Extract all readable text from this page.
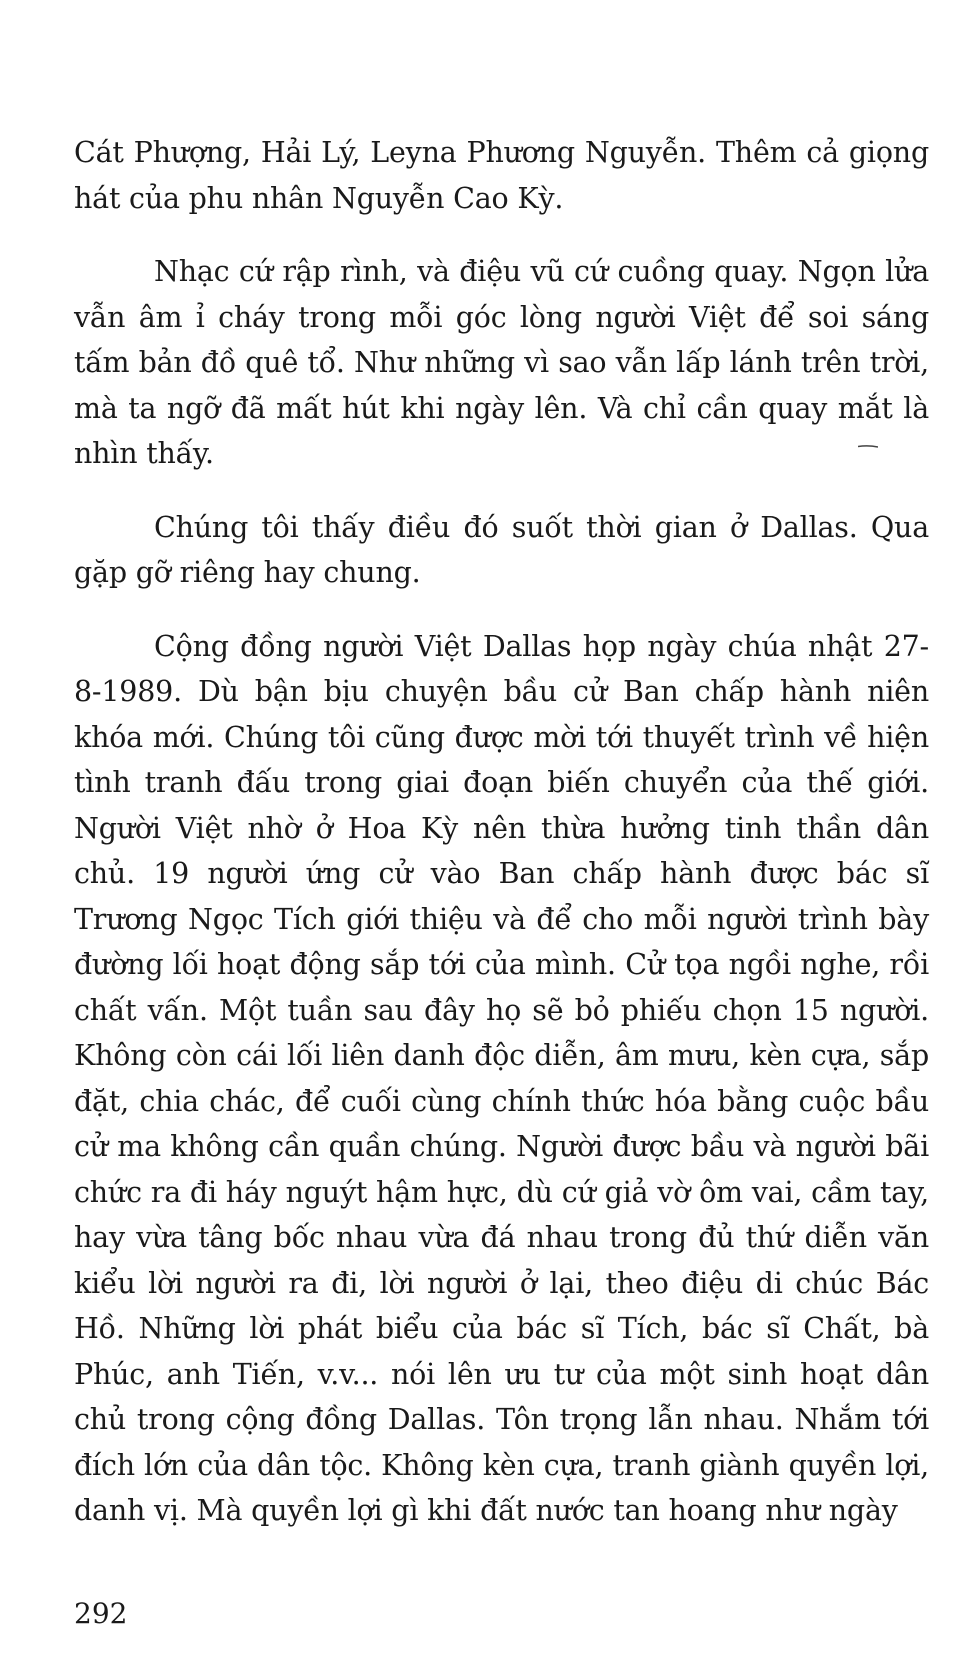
Cát Phượng, Hải Lý, Leyna Phương Nguyễn. Thêm cả giọng hát của phu nhân Nguyễn Cao Kỳ.

Nhạc cứ rập rình, và điệu vũ cứ cuồng quay. Ngọn lửa vẫn âm ỉ cháy trong mỗi góc lòng người Việt để soi sáng tấm bản đồ quê tổ. Như những vì sao vẫn lấp lánh trên trời, mà ta ngỡ đã mất hút khi ngày lên. Và chỉ cần quay mắt là nhìn thấy.

Chúng tôi thấy điều đó suốt thời gian ở Dallas. Qua gặp gỡ riêng hay chung.

Cộng đồng người Việt Dallas họp ngày chúa nhật 27-8-1989. Dù bận bịu chuyện bầu cử Ban chấp hành niên khóa mới. Chúng tôi cũng được mời tới thuyết trình về hiện tình tranh đấu trong giai đoạn biến chuyển của thế giới. Người Việt nhờ ở Hoa Kỳ nên thừa hưởng tinh thần dân chủ. 19 người ứng cử vào Ban chấp hành được bác sĩ Trương Ngọc Tích giới thiệu và để cho mỗi người trình bày đường lối hoạt động sắp tới của mình. Cử tọa ngồi nghe, rồi chất vấn. Một tuần sau đây họ sẽ bỏ phiếu chọn 15 người. Không còn cái lối liên danh độc diễn, âm mưu, kèn cựa, sắp đặt, chia chác, để cuối cùng chính thức hóa bằng cuộc bầu cử ma không cần quần chúng. Người được bầu và người bãi chức ra đi háy nguýt hậm hực, dù cứ giả vờ ôm vai, cầm tay, hay vừa tâng bốc nhau vừa đá nhau trong đủ thứ diễn văn kiểu lời người ra đi, lời người ở lại, theo điệu di chúc Bác Hồ. Những lời phát biểu của bác sĩ Tích, bác sĩ Chất, bà Phúc, anh Tiến, v.v... nói lên ưu tư của một sinh hoạt dân chủ trong cộng đồng Dallas. Tôn trọng lẫn nhau. Nhắm tới đích lớn của dân tộc. Không kèn cựa, tranh giành quyền lợi, danh vị. Mà quyền lợi gì khi đất nước tan hoang như ngày

292
